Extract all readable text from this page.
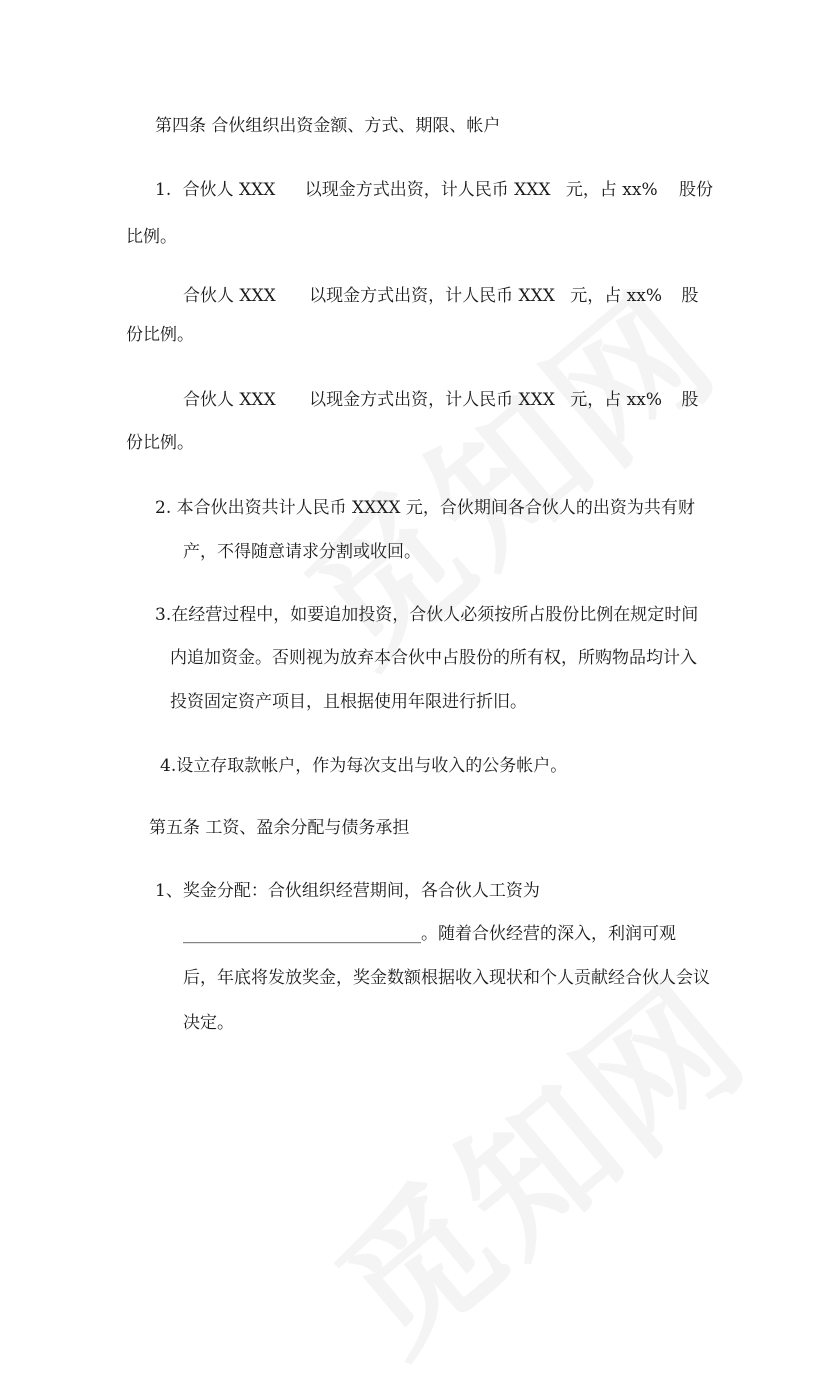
第四条 合伙组织出资金额、方式、期限、帐户
1. 合伙人 XXX 以现金方式出资，计人民币 XXX 元，占 xx% 股份
比例。
合伙人 XXX 以现金方式出资，计人民币 XXX 元，占 xx% 股
份比例。
合伙人 XXX 以现金方式出资，计人民币 XXX 元，占 xx% 股
份比例。
2. 本合伙出资共计人民币 XXXX 元，合伙期间各合伙人的出资为共有财
产，不得随意请求分割或收回。
3.在经营过程中，如要追加投资，合伙人必须按所占股份比例在规定时间
内追加资金。否则视为放弃本合伙中占股份的所有权，所购物品均计入
投资固定资产项目，且根据使用年限进行折旧。
4.设立存取款帐户，作为每次支出与收入的公务帐户。
第五条 工资、盈余分配与债务承担
1、奖金分配：合伙组织经营期间，各合伙人工资为
____________________________。随着合伙经营的深入，利润可观
后，年底将发放奖金，奖金数额根据收入现状和个人贡献经合伙人会议
决定。
